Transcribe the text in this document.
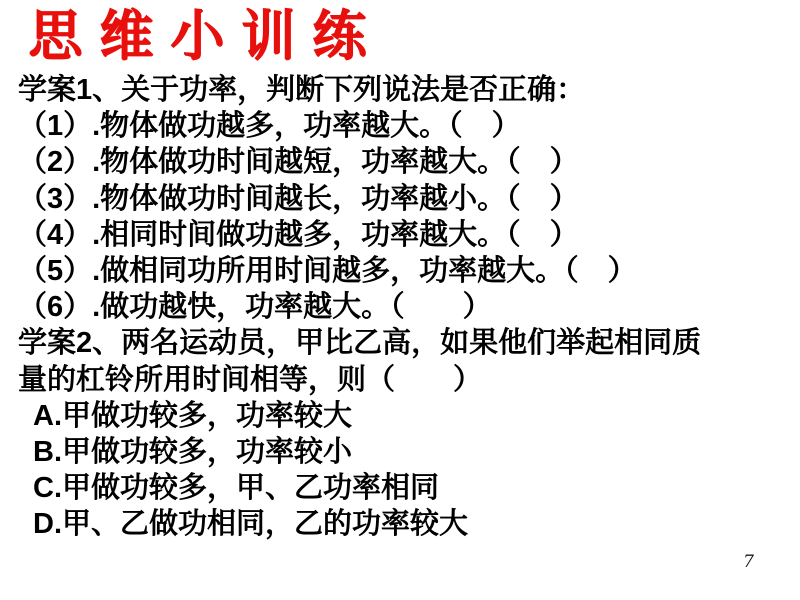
思维小训练
学案1、关于功率，判断下列说法是否正确：
（1）.物体做功越多，功率越大。（　）
（2）.物体做功时间越短，功率越大。（　）
（3）.物体做功时间越长，功率越小。（　）
（4）.相同时间做功越多，功率越大。（　）
（5）.做相同功所用时间越多，功率越大。（　）
（6）.做功越快，功率越大。（　　）
学案2、两名运动员，甲比乙高，如果他们举起相同质
量的杠铃所用时间相等，则（　　）
A.甲做功较多，功率较大
B.甲做功较多，功率较小
C.甲做功较多，甲、乙功率相同
D.甲、乙做功相同，乙的功率较大
7
